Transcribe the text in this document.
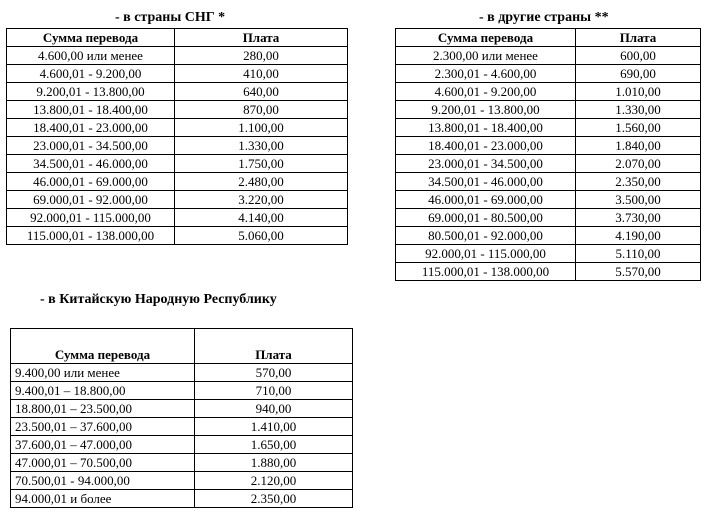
- в страны СНГ *
Сумма перевода	Плата
4.600,00 или менее	280,00
4.600,01 - 9.200,00	410,00
9.200,01 - 13.800,00	640,00
13.800,01 - 18.400,00	870,00
18.400,01 - 23.000,00	1.100,00
23.000,01 - 34.500,00	1.330,00
34.500,01 - 46.000,00	1.750,00
46.000,01 - 69.000,00	2.480,00
69.000,01 - 92.000,00	3.220,00
92.000,01 - 115.000,00	4.140,00
115.000,01 - 138.000,00	5.060,00
- в другие страны **
Сумма перевода	Плата
2.300,00 или менее	600,00
2.300,01 - 4.600,00	690,00
4.600,01 - 9.200,00	1.010,00
9.200,01 - 13.800,00	1.330,00
13.800,01 - 18.400,00	1.560,00
18.400,01 - 23.000,00	1.840,00
23.000,01 - 34.500,00	2.070,00
34.500,01 - 46.000,00	2.350,00
46.000,01 - 69.000,00	3.500,00
69.000,01 - 80.500,00	3.730,00
80.500,01 - 92.000,00	4.190,00
92.000,01 - 115.000,00	5.110,00
115.000,01 - 138.000,00	5.570,00
- в Китайскую Народную Республику
Сумма перевода	Плата
9.400,00 или менее	570,00
9.400,01 – 18.800,00	710,00
18.800,01 – 23.500,00	940,00
23.500,01 – 37.600,00	1.410,00
37.600,01 – 47.000,00	1.650,00
47.000,01 – 70.500,00	1.880,00
70.500,01 - 94.000,00	2.120,00
94.000,01 и более	2.350,00
